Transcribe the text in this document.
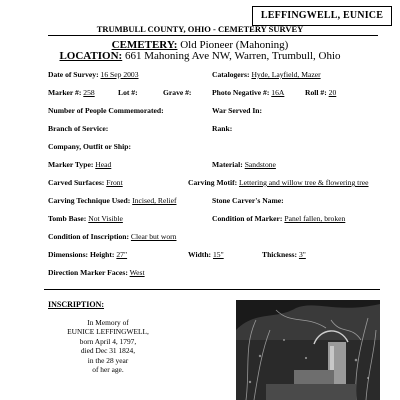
LEFFINGWELL, EUNICE
TRUMBULL COUNTY, OHIO - CEMETERY SURVEY
CEMETERY: Old Pioneer (Mahoning)
LOCATION: 661 Mahoning Ave NW, Warren, Trumbull, Ohio
Date of Survey: 16 Sep 2003	Catalogers: Hyde, Layfield, Mazer
Marker #: 258	Lot #:	Grave #:	Photo Negative #: 16A	Roll #: 20
Number of People Commemorated:	War Served In:
Branch of Service:	Rank:
Company, Outfit or Ship:
Marker Type: Head	Material: Sandstone
Carved Surfaces: Front	Carving Motif: Lettering and willow tree & flowering tree
Carving Technique Used: Incised, Relief	Stone Carver's Name:
Tomb Base: Not Visible	Condition of Marker: Panel fallen, broken
Condition of Inscription: Clear but worn
Dimensions: Height: 27"	Width: 15"	Thickness: 3"
Direction Marker Faces: West
INSCRIPTION:
In Memory of
EUNICE LEFFINGWELL,
born April 4, 1797,
died Dec 31 1824,
in the 28 year
of her age.
